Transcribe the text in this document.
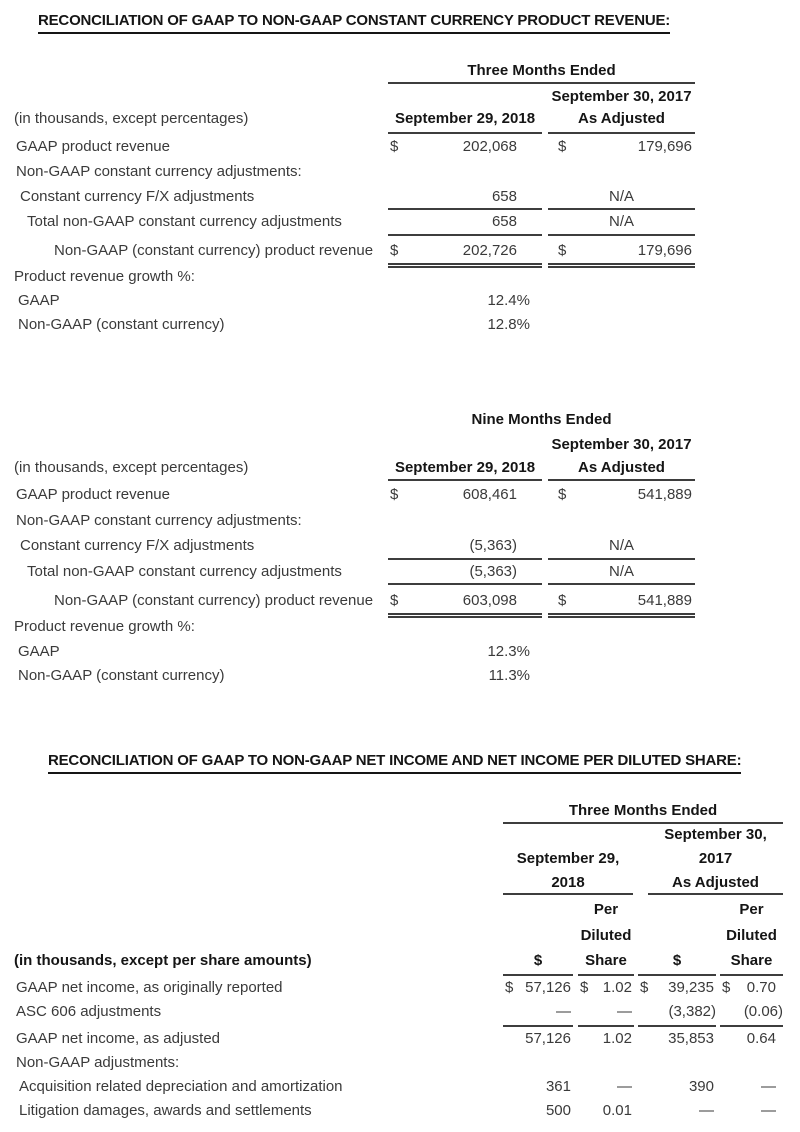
RECONCILIATION OF GAAP TO NON-GAAP CONSTANT CURRENCY PRODUCT REVENUE:
Three Months Ended
September 30, 2017
(in thousands, except percentages)	September 29, 2018	As Adjusted
GAAP product revenue	$	202,068	$	179,696
Non-GAAP constant currency adjustments:
Constant currency F/X adjustments	658	N/A
Total non-GAAP constant currency adjustments	658	N/A
Non-GAAP (constant currency) product revenue $	202,726	$	179,696
Product revenue growth %:
GAAP	12.4%
Non-GAAP (constant currency)	12.8%
Nine Months Ended
September 30, 2017
(in thousands, except percentages)	September 29, 2018	As Adjusted
GAAP product revenue	$	608,461	$	541,889
Non-GAAP constant currency adjustments:
Constant currency F/X adjustments	(5,363)	N/A
Total non-GAAP constant currency adjustments	(5,363)	N/A
Non-GAAP (constant currency) product revenue $	603,098	$	541,889
Product revenue growth %:
GAAP	12.3%
Non-GAAP (constant currency)	11.3%
RECONCILIATION OF GAAP TO NON-GAAP NET INCOME AND NET INCOME PER DILUTED SHARE:
Three Months Ended
September 30,
September 29,	2017
2018	As Adjusted
Per	Per
Diluted	Diluted
(in thousands, except per share amounts)	$	Share	$	Share
GAAP net income, as originally reported	$ 57,126 $ 1.02 $	39,235 $	0.70
ASC 606 adjustments	—	—	(3,382)	(0.06)
GAAP net income, as adjusted	57,126	1.02	35,853	0.64
Non-GAAP adjustments:
Acquisition related depreciation and amortization	361	—	390	—
Litigation damages, awards and settlements	500	0.01	—	—
